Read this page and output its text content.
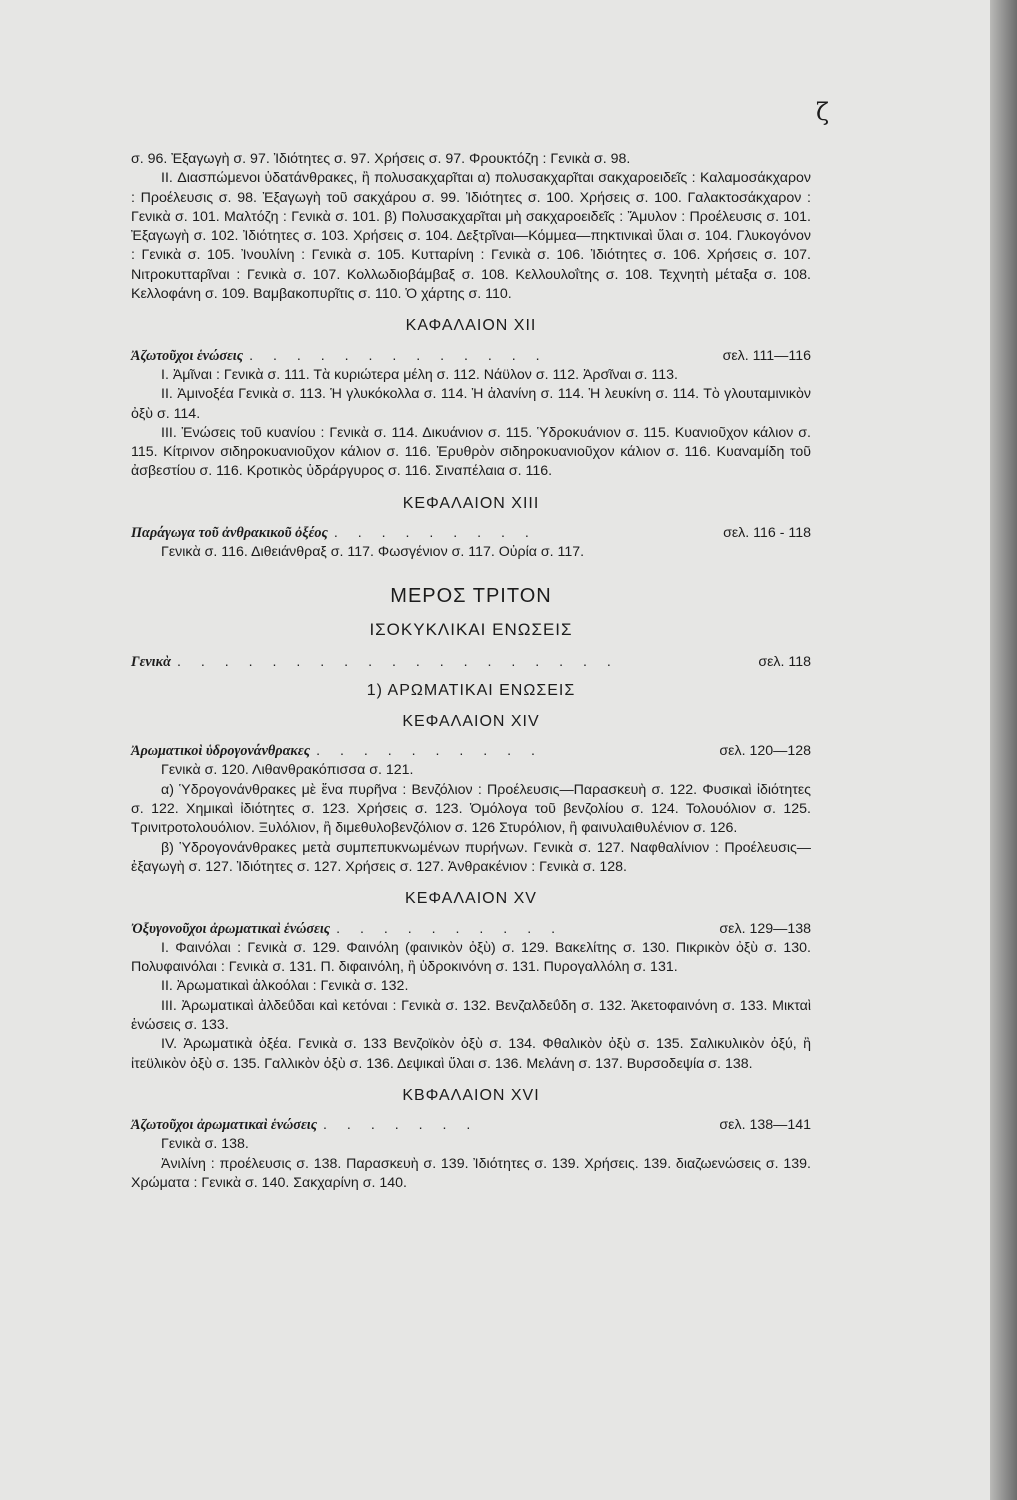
ζ

σ. 96. Ἐξαγωγὴ σ. 97. Ἰδιότητες σ. 97. Χρήσεις σ. 97. Φρουκτόζη : Γενικὰ σ. 98.

II. Διασπώμενοι ὑδατάνθρακες, ἢ πολυσακχαρῖται α) πολυσακχαρῖται σακχαροειδεῖς : Καλαμοσάκχαρον : Προέλευσις σ. 98. Ἐξαγωγὴ τοῦ σακχάρου σ. 99. Ἰδιότητες σ. 100. Χρήσεις σ. 100. Γαλακτοσάκχαρον : Γενικὰ σ. 101. Μαλτόζη : Γενικὰ σ. 101. β) Πολυσακχαρῖται μὴ σακχαροειδεῖς : Ἄμυλον : Προέλευσις σ. 101. Ἐξαγωγὴ σ. 102. Ἰδιότητες σ. 103. Χρήσεις σ. 104. Δεξτρῖναι—Κόμμεα—πηκτινικαὶ ὕλαι σ. 104. Γλυκογόνον : Γενικὰ σ. 105. Ἰνουλίνη : Γενικὰ σ. 105. Κυτταρίνη : Γενικὰ σ. 106. Ἰδιότητες σ. 106. Χρήσεις σ. 107. Νιτροκυτταρῖναι : Γενικὰ σ. 107. Κολλωδιοβάμβαξ σ. 108. Κελλουλοΐτης σ. 108. Τεχνητὴ μέταξα σ. 108. Κελλοφάνη σ. 109. Βαμβακοπυρῖτις σ. 110. Ὁ χάρτης σ. 110.

ΚΑΦΑΛΑΙΟΝ XII
Ἀζωτοῦχοι ἑνώσεις . . . . . . . . . . . . .	σελ. 111—116

I. Ἀμῖναι : Γενικὰ σ. 111. Τὰ κυριώτερα μέλη σ. 112. Νάϋλον σ. 112. Ἀρσῖναι σ. 113.

II. Ἀμινοξέα Γενικὰ σ. 113. Ἡ γλυκόκολλα σ. 114. Ἡ ἀλανίνη σ. 114. Ἡ λευκίνη σ. 114. Τὸ γλουταμινικὸν ὀξὺ σ. 114.

III. Ἑνώσεις τοῦ κυανίου : Γενικὰ σ. 114. Δικυάνιον σ. 115. Ὑδροκυάνιον σ. 115. Κυανιοῦχον κάλιον σ. 115. Κίτρινον σιδηροκυανιοῦχον κάλιον σ. 116. Ἐρυθρὸν σιδηροκυανιοῦχον κάλιον σ. 116. Κυαναμίδη τοῦ ἀσβεστίου σ. 116. Κροτικὸς ὑδράργυρος σ. 116. Σιναπέλαια σ. 116.

ΚΕΦΑΛΑΙΟΝ XIII
Παράγωγα τοῦ ἀνθρακικοῦ ὀξέος . . . . . . . . .	σελ. 116 - 118

Γενικὰ σ. 116. Διθειάνθραξ σ. 117. Φωσγένιον σ. 117. Οὐρία σ. 117.

ΜΕΡΟΣ ΤΡΙΤΟΝ
ΙΣΟΚΥΚΛΙΚΑΙ ΕΝΩΣΕΙΣ
Γενικὰ . . . . . . . . . . . . . . . . . . .	σελ. 118
1) ΑΡΩΜΑΤΙΚΑΙ ΕΝΩΣΕΙΣ
ΚΕΦΑΛΑΙΟΝ XIV
Ἀρωματικοὶ ὑδρογονάνθρακες . . . . . . . . . .	σελ. 120—128

Γενικὰ σ. 120. Λιθανθρακόπισσα σ. 121.

α) Ὑδρογονάνθρακες μὲ ἕνα πυρῆνα : Βενζόλιον : Προέλευσις—Παρασκευὴ σ. 122. Φυσικαὶ ἰδιότητες σ. 122. Χημικαὶ ἰδιότητες σ. 123. Χρήσεις σ. 123. Ὁμόλογα τοῦ βενζολίου σ. 124. Τολουόλιον σ. 125. Τρινιτροτολουόλιον. Ξυλόλιον, ἢ διμεθυλοβενζόλιον σ. 126 Στυρόλιον, ἢ φαινυλαιθυλένιον σ. 126.

β) Ὑδρογονάνθρακες μετὰ συμπεπυκνωμένων πυρήνων. Γενικὰ σ. 127. Ναφθαλίνιον : Προέλευσις—ἐξαγωγὴ σ. 127. Ἰδιότητες σ. 127. Χρήσεις σ. 127. Ἀνθρακένιον : Γενικὰ σ. 128.

ΚΕΦΑΛΑΙΟΝ XV
Ὀξυγονοῦχοι ἀρωματικαὶ ἑνώσεις . . . . . . . . . .	σελ. 129—138

I. Φαινόλαι : Γενικὰ σ. 129. Φαινόλη (φαινικὸν ὀξὺ) σ. 129. Βακελίτης σ. 130. Πικρικὸν ὀξὺ σ. 130. Πολυφαινόλαι : Γενικὰ σ. 131. Π. διφαινόλη, ἢ ὑδροκινόνη σ. 131. Πυρογαλλόλη σ. 131.

II. Ἀρωματικαὶ ἀλκοόλαι : Γενικὰ σ. 132.

III. Ἀρωματικαὶ ἀλδεΰδαι καὶ κετόναι : Γενικὰ σ. 132. Βενζαλδεΰδη σ. 132. Ἀκετοφαινόνη σ. 133. Μικταὶ ἑνώσεις σ. 133.

IV. Ἀρωματικὰ ὀξέα. Γενικὰ σ. 133 Βενζοϊκὸν ὀξὺ σ. 134. Φθαλικὸν ὀξὺ σ. 135. Σαλικυλικὸν ὀξύ, ἢ ἰτεϋλικὸν ὀξὺ σ. 135. Γαλλικὸν ὀξὺ σ. 136. Δεψικαὶ ὕλαι σ. 136. Μελάνη σ. 137. Βυρσοδεψία σ. 138.

ΚΒΦΑΛΑΙΟΝ XVI
Ἀζωτοῦχοι ἀρωματικαὶ ἑνώσεις . . . . . . .	σελ. 138—141

Γενικὰ σ. 138.

Ἀνιλίνη : προέλευσις σ. 138. Παρασκευὴ σ. 139. Ἰδιότητες σ. 139. Χρήσεις. 139. διαζωενώσεις σ. 139. Χρώματα : Γενικὰ σ. 140. Σακχαρίνη σ. 140.
